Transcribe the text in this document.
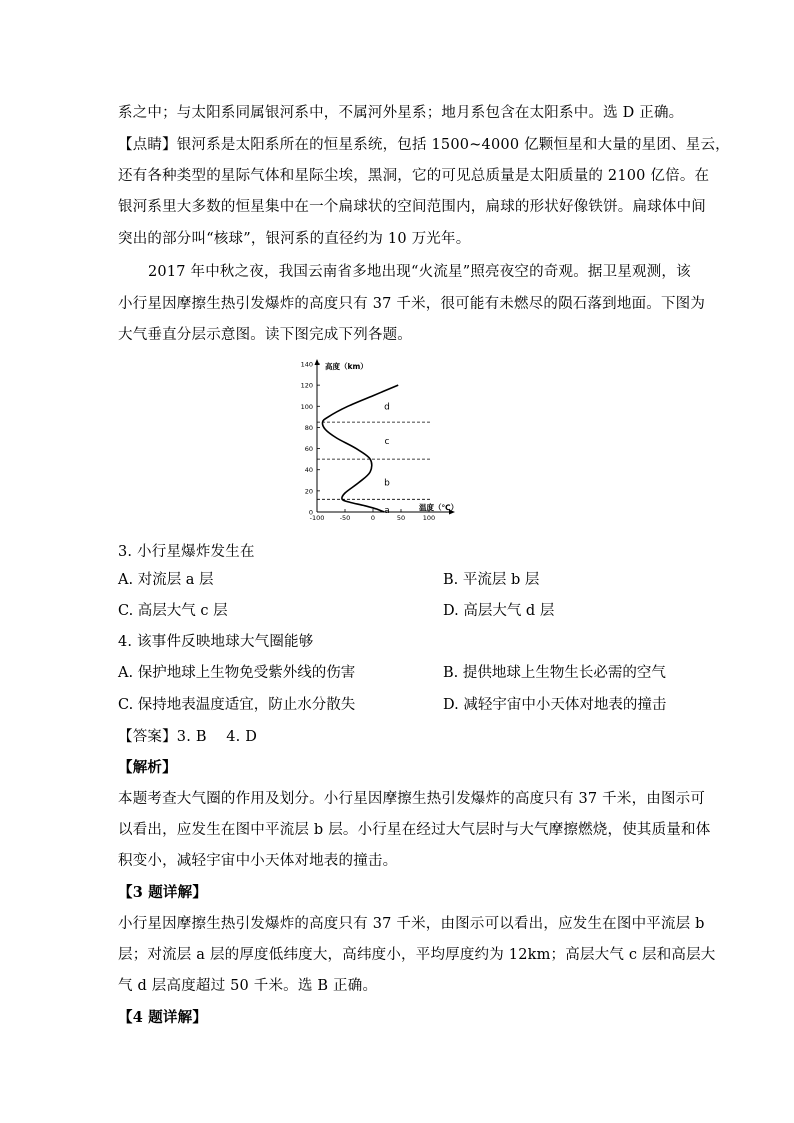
系之中；与太阳系同属银河系中，不属河外星系；地月系包含在太阳系中。选 D 正确。
【点睛】银河系是太阳系所在的恒星系统，包括 1500~4000 亿颗恒星和大量的星团、星云，
还有各种类型的星际气体和星际尘埃，黑洞，它的可见总质量是太阳质量的 2100 亿倍。在
银河系里大多数的恒星集中在一个扁球状的空间范围内，扁球的形状好像铁饼。扁球体中间
突出的部分叫“核球”，银河系的直径约为 10 万光年。
2017 年中秋之夜，我国云南省多地出现“火流星”照亮夜空的奇观。据卫星观测，该
小行星因摩擦生热引发爆炸的高度只有 37 千米，很可能有未燃尽的陨石落到地面。下图为
大气垂直分层示意图。读下图完成下列各题。
0
20
40
60
80
100
120
140
-100 -50	0	50	100
高度（km）
温度（℃）
a
b
c
d
3. 小行星爆炸发生在
A. 对流层 a 层	B. 平流层 b 层
C. 高层大气 c 层	D. 高层大气 d 层
4. 该事件反映地球大气圈能够
A. 保护地球上生物免受紫外线的伤害	B. 提供地球上生物生长必需的空气
C. 保持地表温度适宜，防止水分散失	D. 减轻宇宙中小天体对地表的撞击
【答案】3. B　 4. D
【解析】
本题考查大气圈的作用及划分。小行星因摩擦生热引发爆炸的高度只有 37 千米，由图示可
以看出，应发生在图中平流层 b 层。小行星在经过大气层时与大气摩擦燃烧，使其质量和体
积变小，减轻宇宙中小天体对地表的撞击。
【3 题详解】
小行星因摩擦生热引发爆炸的高度只有 37 千米，由图示可以看出，应发生在图中平流层 b
层；对流层 a 层的厚度低纬度大，高纬度小，平均厚度约为 12km；高层大气 c 层和高层大
气 d 层高度超过 50 千米。选 B 正确。
【4 题详解】
